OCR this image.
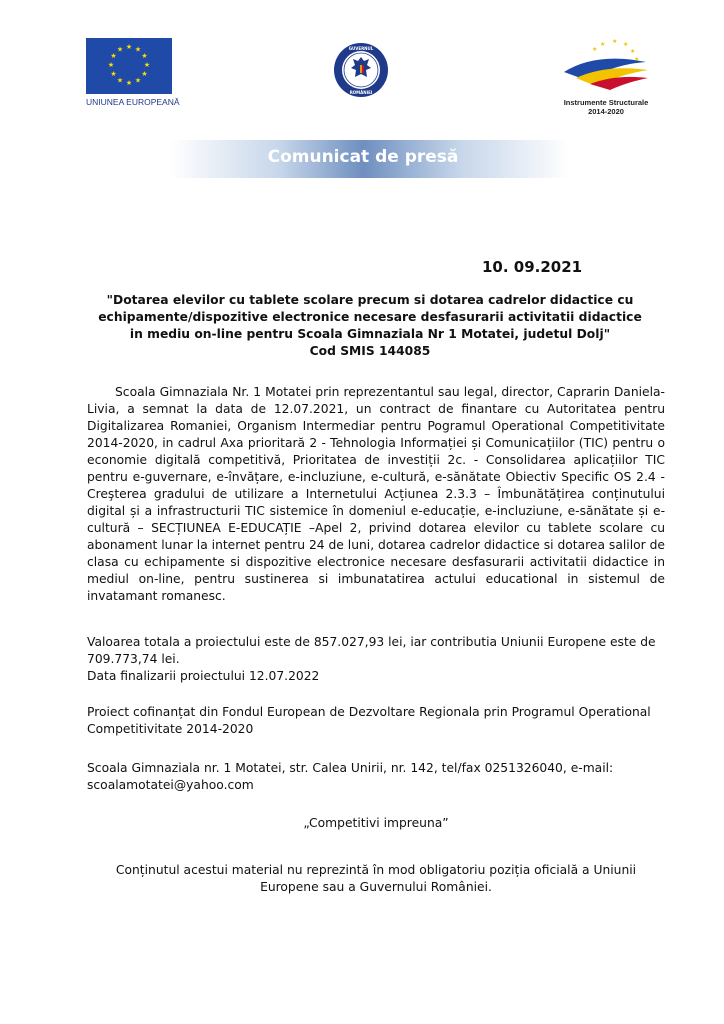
★ ★
★
★
★
★
★
★
★
★
★
★
UNIUNEA EUROPEANĂ
GUVERNUL
ROMÂNIEI
★ ★ ★
★
★
★
Instrumente Structurale
2014-2020
Comunicat de presă
10. 09.2021
"Dotarea elevilor cu tablete scolare precum si dotarea cadrelor didactice cu
echipamente/dispozitive electronice necesare desfasurarii activitatii didactice
in mediu on-line pentru Scoala Gimnaziala Nr 1 Motatei, judetul Dolj"
Cod SMIS 144085
Scoala Gimnaziala Nr. 1 Motatei prin reprezentantul sau legal, director, Caprarin Daniela-Livia, a semnat la data de 12.07.2021, un contract de finantare cu Autoritatea pentru Digitalizarea Romaniei, Organism Intermediar pentru Pogramul Operational Competitivitate 2014-2020, in cadrul Axa prioritară 2 - Tehnologia Informației și Comunicațiilor (TIC) pentru o economie digitală competitivă, Prioritatea de investiții 2c. - Consolidarea aplicațiilor TIC pentru e-guvernare, e-învățare, e-incluziune, e-cultură, e-sănătate Obiectiv Specific OS 2.4 - Creşterea gradului de utilizare a Internetului Acțiunea 2.3.3 – Îmbunătățirea conținutului digital și a infrastructurii TIC sistemice în domeniul e-educație, e-incluziune, e-sănătate și e-cultură – SECȚIUNEA E-EDUCAȚIE –Apel 2, privind dotarea elevilor cu tablete scolare cu abonament lunar la internet pentru 24 de luni, dotarea cadrelor didactice si dotarea salilor de clasa cu echipamente si dispozitive electronice necesare desfasurarii activitatii didactice in mediul on-line, pentru sustinerea si imbunatatirea actului educational in sistemul de invatamant romanesc.
Valoarea totala a proiectului este de 857.027,93 lei, iar contributia Uniunii Europene este de 709.773,74 lei.
Data finalizarii proiectului 12.07.2022
Proiect cofinanțat din Fondul European de Dezvoltare Regionala prin Programul Operational Competitivitate 2014-2020
Scoala Gimnaziala nr. 1 Motatei, str. Calea Unirii, nr. 142, tel/fax 0251326040, e-mail: scoalamotatei@yahoo.com
„Competitivi impreuna”
Conținutul acestui material nu reprezintă în mod obligatoriu poziția oficială a Uniunii Europene sau a Guvernului României.
